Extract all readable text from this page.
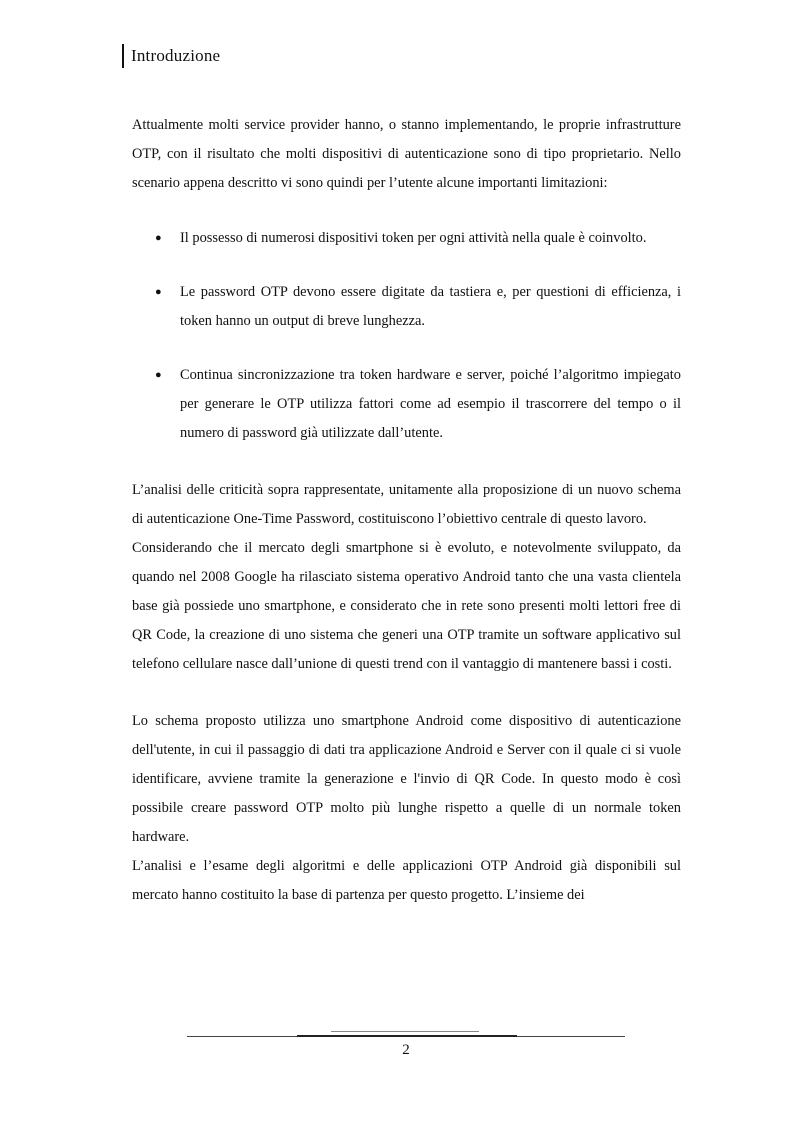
Introduzione

Attualmente molti service provider hanno, o stanno implementando, le proprie infrastrutture OTP, con il risultato che molti dispositivi di autenticazione sono di tipo proprietario. Nello scenario appena descritto vi sono quindi per l’utente alcune importanti limitazioni:

● Il possesso di numerosi dispositivi token per ogni attività nella quale è coinvolto.
● Le password OTP devono essere digitate da tastiera e, per questioni di efficienza, i token hanno un output di breve lunghezza.
● Continua sincronizzazione tra token hardware e server, poiché l’algoritmo impiegato per generare le OTP utilizza fattori come ad esempio il trascorrere del tempo o il numero di password già utilizzate dall’utente.

L’analisi delle criticità sopra rappresentate, unitamente alla proposizione di un nuovo schema di autenticazione One-Time Password, costituiscono l’obiettivo centrale di questo lavoro.

Considerando che il mercato degli smartphone si è evoluto, e notevolmente sviluppato, da quando nel 2008 Google ha rilasciato sistema operativo Android tanto che una vasta clientela base già possiede uno smartphone, e considerato che in rete sono presenti molti lettori free di QR Code, la creazione di uno sistema che generi una OTP tramite un software applicativo sul telefono cellulare nasce dall’unione di questi trend con il vantaggio di mantenere bassi i costi.

Lo schema proposto utilizza uno smartphone Android come dispositivo di autenticazione dell'utente, in cui il passaggio di dati tra applicazione Android e Server con il quale ci si vuole identificare, avviene tramite la generazione e l'invio di QR Code. In questo modo è così possibile creare password OTP molto più lunghe rispetto a quelle di un normale token hardware.

L’analisi e l’esame degli algoritmi e delle applicazioni OTP Android già disponibili sul mercato hanno costituito la base di partenza per questo progetto. L’insieme dei

2
